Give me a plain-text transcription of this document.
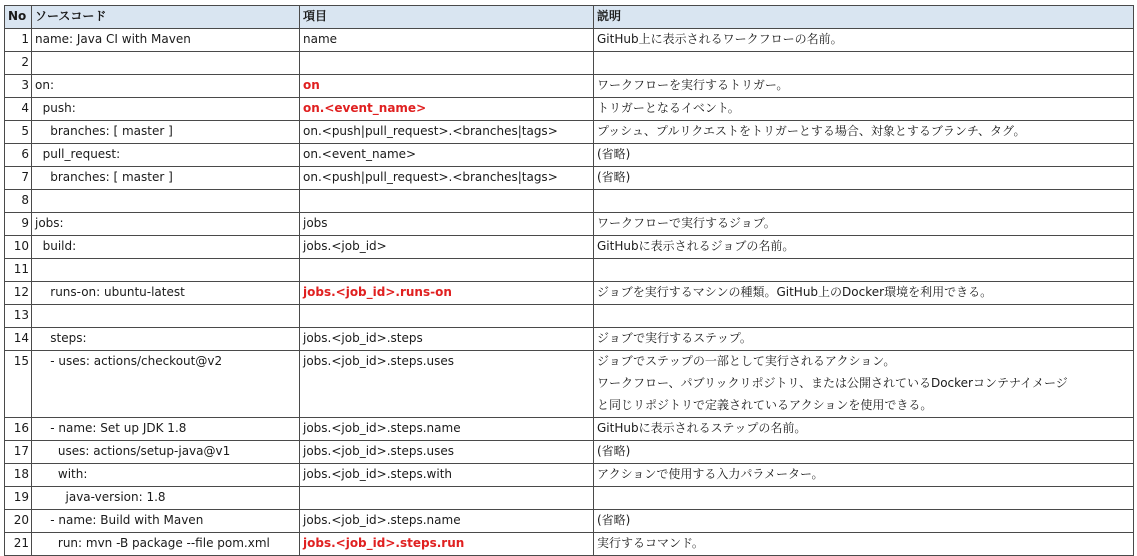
No	ソースコード	項目	説明
1	name: Java CI with Maven	name	GitHub上に表示されるワークフローの名前。

2			

3	on:	on	ワークフローを実行するトリガー。

4	push:	on.<event_name>	トリガーとなるイベント。

5	branches: [ master ]	on.<push|pull_request>.<branches|tags>	プッシュ、プルリクエストをトリガーとする場合、対象とするブランチ、タグ。

6	pull_request:	on.<event_name>	(省略)

7	branches: [ master ]	on.<push|pull_request>.<branches|tags>	(省略)

8			

9	jobs:	jobs	ワークフローで実行するジョブ。

10	build:	jobs.<job_id>	GitHubに表示されるジョブの名前。

11			

12	runs-on: ubuntu-latest	jobs.<job_id>.runs-on	ジョブを実行するマシンの種類。GitHub上のDocker環境を利用できる。

13			

14	steps:	jobs.<job_id>.steps	ジョブで実行するステップ。

15	- uses: actions/checkout@v2	jobs.<job_id>.steps.uses	ジョブでステップの一部として実行されるアクション。
ワークフロー、パブリックリポジトリ、または公開されているDockerコンテナイメージ
と同じリポジトリで定義されているアクションを使用できる。

16	- name: Set up JDK 1.8	jobs.<job_id>.steps.name	GitHubに表示されるステップの名前。

17	uses: actions/setup-java@v1	jobs.<job_id>.steps.uses	(省略)

18	with:	jobs.<job_id>.steps.with	アクションで使用する入力パラメーター。

19	java-version: 1.8		

20	- name: Build with Maven	jobs.<job_id>.steps.name	(省略)

21	run: mvn -B package --file pom.xml	jobs.<job_id>.steps.run	実行するコマンド。
